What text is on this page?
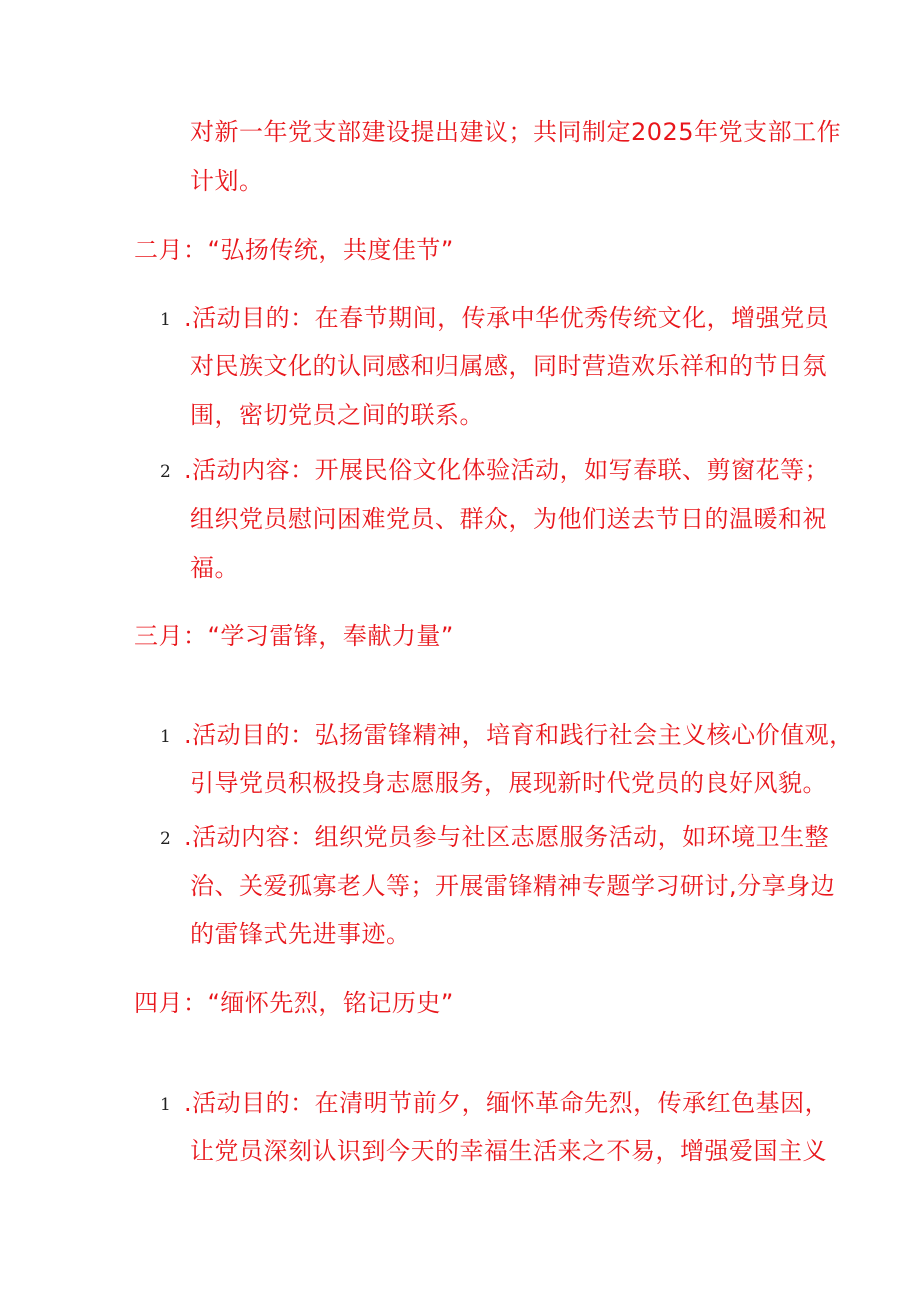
对新一年党支部建设提出建议；共同制定2025年党支部工作
计划。
二月：“弘扬传统，共度佳节”
1 .活动目的：在春节期间，传承中华优秀传统文化，增强党员
对民族文化的认同感和归属感，同时营造欢乐祥和的节日氛
围，密切党员之间的联系。
2 .活动内容：开展民俗文化体验活动，如写春联、剪窗花等；
组织党员慰问困难党员、群众，为他们送去节日的温暖和祝
福。
三月：“学习雷锋，奉献力量”
1 .活动目的：弘扬雷锋精神，培育和践行社会主义核心价值观，
引导党员积极投身志愿服务，展现新时代党员的良好风貌。
2 .活动内容：组织党员参与社区志愿服务活动，如环境卫生整
治、关爱孤寡老人等；开展雷锋精神专题学习研讨,分享身边
的雷锋式先进事迹。
四月：“缅怀先烈，铭记历史”
1 .活动目的：在清明节前夕，缅怀革命先烈，传承红色基因，
让党员深刻认识到今天的幸福生活来之不易，增强爱国主义
